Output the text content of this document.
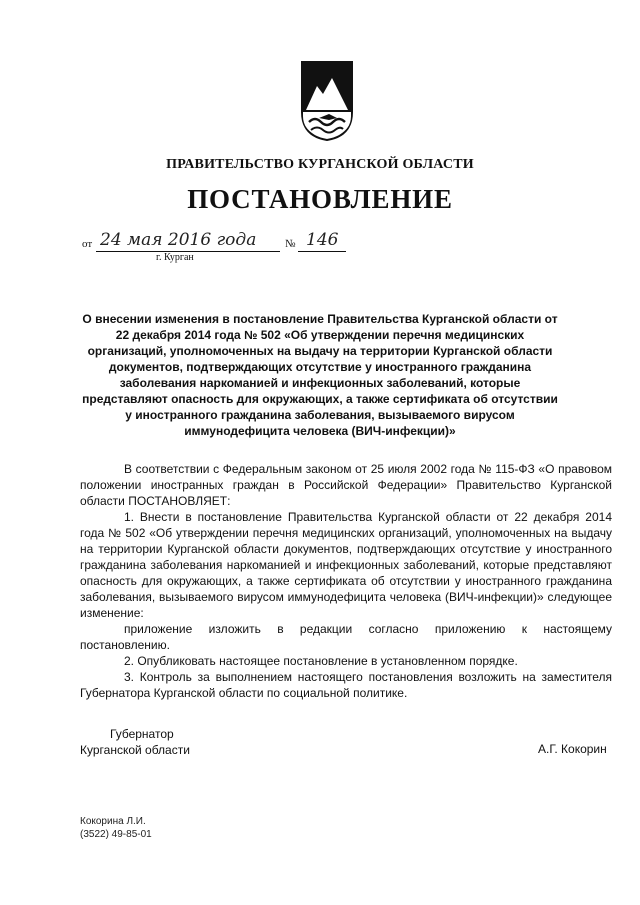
ПРАВИТЕЛЬСТВО КУРГАНСКОЙ ОБЛАСТИ
ПОСТАНОВЛЕНИЕ
от 24 мая 2016 года	№ 146
г. Курган
О внесении изменения в постановление Правительства Курганской области от 22 декабря 2014 года № 502 «Об утверждении перечня медицинских организаций, уполномоченных на выдачу на территории Курганской области документов, подтверждающих отсутствие у иностранного гражданина заболевания наркоманией и инфекционных заболеваний, которые представляют опасность для окружающих, а также сертификата об отсутствии у иностранного гражданина заболевания, вызываемого вирусом иммунодефицита человека (ВИЧ-инфекции)»

В соответствии с Федеральным законом от 25 июля 2002 года № 115-ФЗ «О правовом положении иностранных граждан в Российской Федерации» Правительство Курганской области ПОСТАНОВЛЯЕТ:

1. Внести в постановление Правительства Курганской области от 22 декабря 2014 года № 502 «Об утверждении перечня медицинских организаций, уполномоченных на выдачу на территории Курганской области документов, подтверждающих отсутствие у иностранного гражданина заболевания наркоманией и инфекционных заболеваний, которые представляют опасность для окружающих, а также сертификата об отсутствии у иностранного гражданина заболевания, вызываемого вирусом иммунодефицита человека (ВИЧ-инфекции)» следующее изменение:

приложение изложить в редакции согласно приложению к настоящему постановлению.

2. Опубликовать настоящее постановление в установленном порядке.

3. Контроль за выполнением настоящего постановления возложить на заместителя Губернатора Курганской области по социальной политике.

Губернатор
Курганской области	А.Г. Кокорин
Кокорина Л.И.
(3522) 49-85-01
